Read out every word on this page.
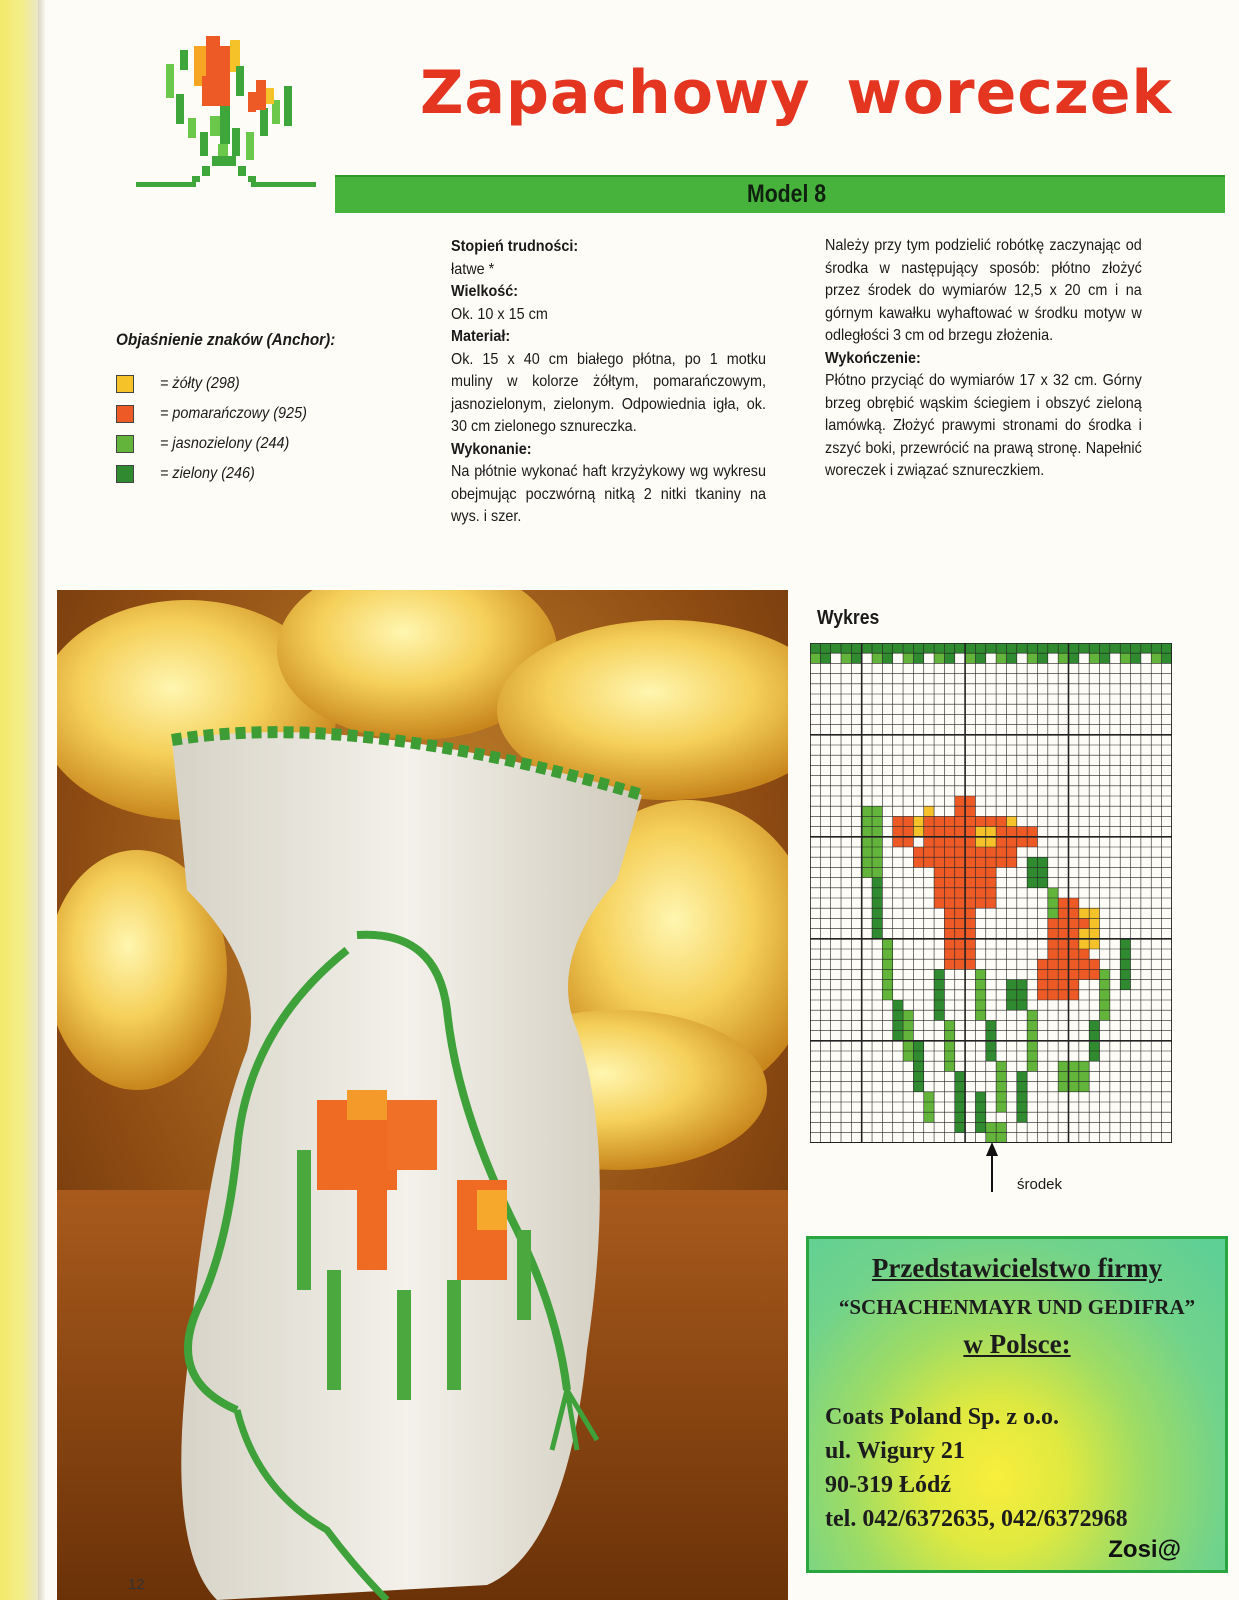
Zapachowy woreczek
Model 8
Objaśnienie znaków (Anchor):
= żółty (298)
= pomarańczowy (925)
= jasnozielony (244)
= zielony (246)
Stopień trudności:
łatwe *
Wielkość:
Ok. 10 x 15 cm
Materiał:
Ok. 15 x 40 cm białego płótna, po 1 motku muliny w kolorze żółtym, pomarańczowym, jasnozielonym, zielonym. Odpowiednia igła, ok. 30 cm zielonego sznureczka.
Wykonanie:
Na płótnie wykonać haft krzyżykowy wg wykresu obejmując poczwórną nitką 2 nitki tkaniny na wys. i szer.
Należy przy tym podzielić robótkę zaczynając od środka w następujący sposób: płótno złożyć przez środek do wymiarów 12,5 x 20 cm i na górnym kawałku wyhaftować w środku motyw w odległości 3 cm od brzegu złożenia.
Wykończenie:
Płótno przyciąć do wymiarów 17 x 32 cm. Górny brzeg obrębić wąskim ściegiem i obszyć zieloną lamówką. Złożyć prawymi stronami do środka i zszyć boki, przewrócić na prawą stronę. Napełnić woreczek i związać sznureczkiem.
Wykres
środek
Przedstawicielstwo firmy
“SCHACHENMAYR UND GEDIFRA”
w Polsce:
Coats Poland Sp. z o.o.
ul. Wigury 21
90-319 Łódź
tel. 042/6372635, 042/6372968
Zosi@
12
